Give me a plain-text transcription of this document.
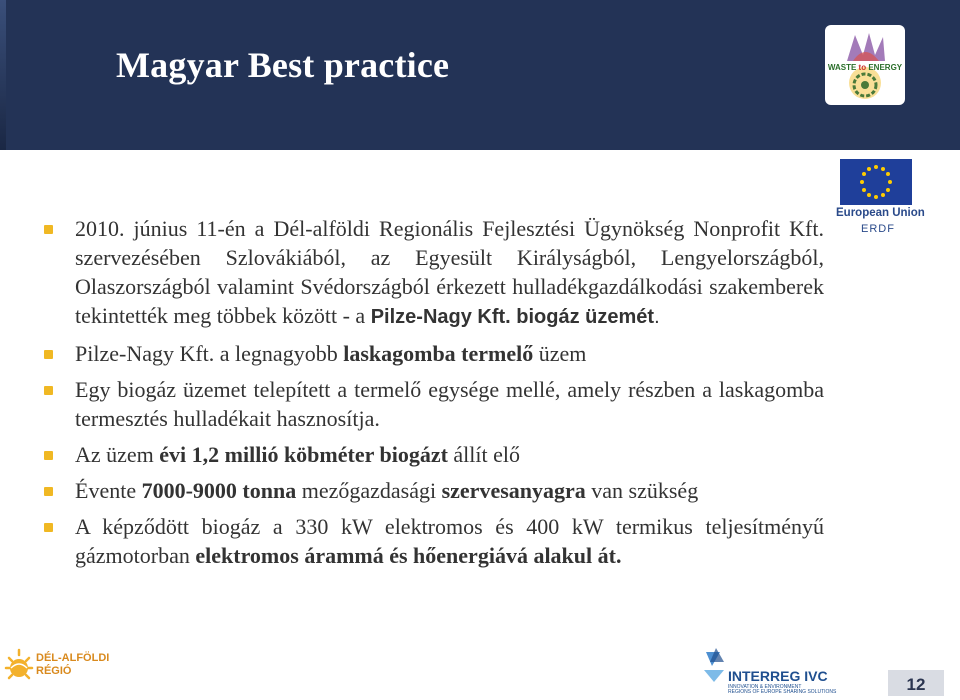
Magyar Best practice	WASTE to ENERGY
European Union
ERDF
2010. június 11-én a Dél-alföldi Regionális Fejlesztési Ügynökség Nonprofit Kft. szervezésében Szlovákiából, az Egyesült Királyságból, Lengyelországból, Olaszországból valamint Svédországból érkezett hulladékgazdálkodási szakemberek tekintették meg többek között - a Pilze-Nagy Kft. biogáz üzemét.
Pilze-Nagy Kft. a legnagyobb laskagomba termelő üzem
Egy biogáz üzemet telepített a termelő egysége mellé, amely részben a laskagomba termesztés hulladékait hasznosítja.
Az üzem évi 1,2 millió köbméter biogázt állít elő
Évente 7000-9000 tonna mezőgazdasági szervesanyagra van szükség
A képződött biogáz a 330 kW elektromos és 400 kW termikus teljesítményű gázmotorban elektromos árammá és hőenergiává alakul át.
DÉL-ALFÖLDI
RÉGIÓ	INTERREG IVC
INNOVATION & ENVIRONMENT
REGIONS OF EUROPE SHARING SOLUTIONS	12
